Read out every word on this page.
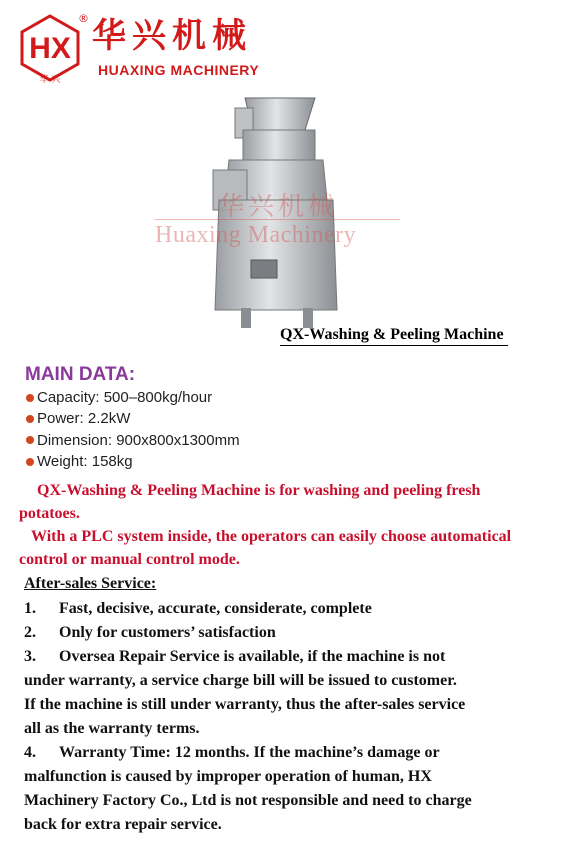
HX
华 兴
® 华兴机械
HUAXING MACHINERY
华兴机械
Huaxing Machinery
QX-Washing & Peeling Machine
MAIN DATA:
Capacity: 500–800kg/hour
Power: 2.2kW
Dimension: 900x800x1300mm
Weight: 158kg

QX-Washing & Peeling Machine is for washing and peeling fresh
potatoes.

With a PLC system inside, the operators can easily choose automatical
control or manual control mode.

After-sales Service:

1. Fast, decisive, accurate, considerate, complete

2. Only for customers’ satisfaction

3. Oversea Repair Service is available, if the machine is not
under warranty, a service charge bill will be issued to customer.
If the machine is still under warranty, thus the after-sales service
all as the warranty terms.

4. Warranty Time: 12 months. If the machine’s damage or
malfunction is caused by improper operation of human, HX
Machinery Factory Co., Ltd is not responsible and need to charge
back for extra repair service.
